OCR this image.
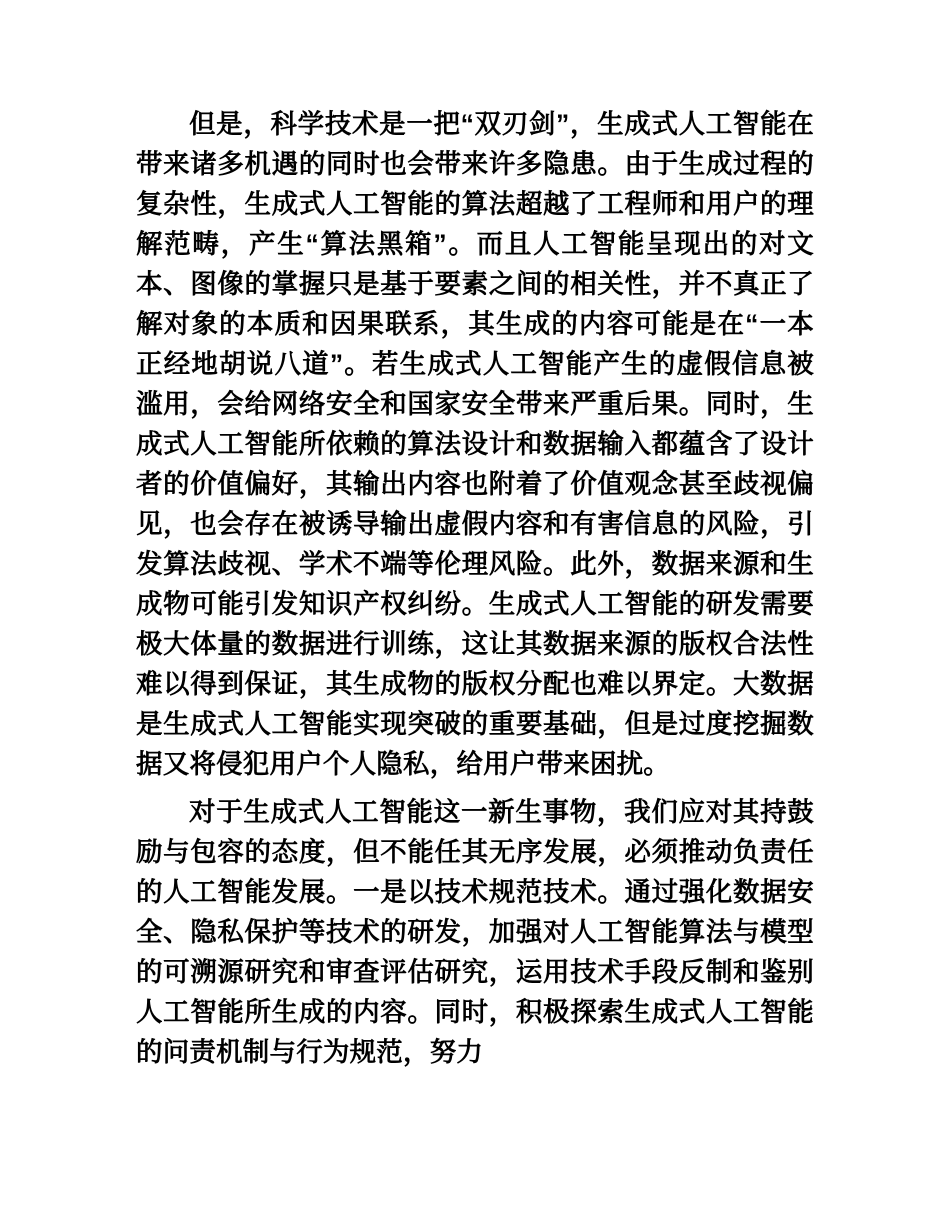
但是，科学技术是一把“双刃剑”，生成式人工智能在带来诸多机遇的同时也会带来许多隐患。由于生成过程的复杂性，生成式人工智能的算法超越了工程师和用户的理解范畴，产生“算法黑箱”。而且人工智能呈现出的对文本、图像的掌握只是基于要素之间的相关性，并不真正了解对象的本质和因果联系，其生成的内容可能是在“一本正经地胡说八道”。若生成式人工智能产生的虚假信息被滥用，会给网络安全和国家安全带来严重后果。同时，生成式人工智能所依赖的算法设计和数据输入都蕴含了设计者的价值偏好，其输出内容也附着了价值观念甚至歧视偏见，也会存在被诱导输出虚假内容和有害信息的风险，引发算法歧视、学术不端等伦理风险。此外，数据来源和生成物可能引发知识产权纠纷。生成式人工智能的研发需要极大体量的数据进行训练，这让其数据来源的版权合法性难以得到保证，其生成物的版权分配也难以界定。大数据是生成式人工智能实现突破的重要基础，但是过度挖掘数据又将侵犯用户个人隐私，给用户带来困扰。

对于生成式人工智能这一新生事物，我们应对其持鼓励与包容的态度，但不能任其无序发展，必须推动负责任的人工智能发展。一是以技术规范技术。通过强化数据安全、隐私保护等技术的研发，加强对人工智能算法与模型的可溯源研究和审查评估研究，运用技术手段反制和鉴别人工智能所生成的内容。同时，积极探索生成式人工智能的问责机制与行为规范，努力
